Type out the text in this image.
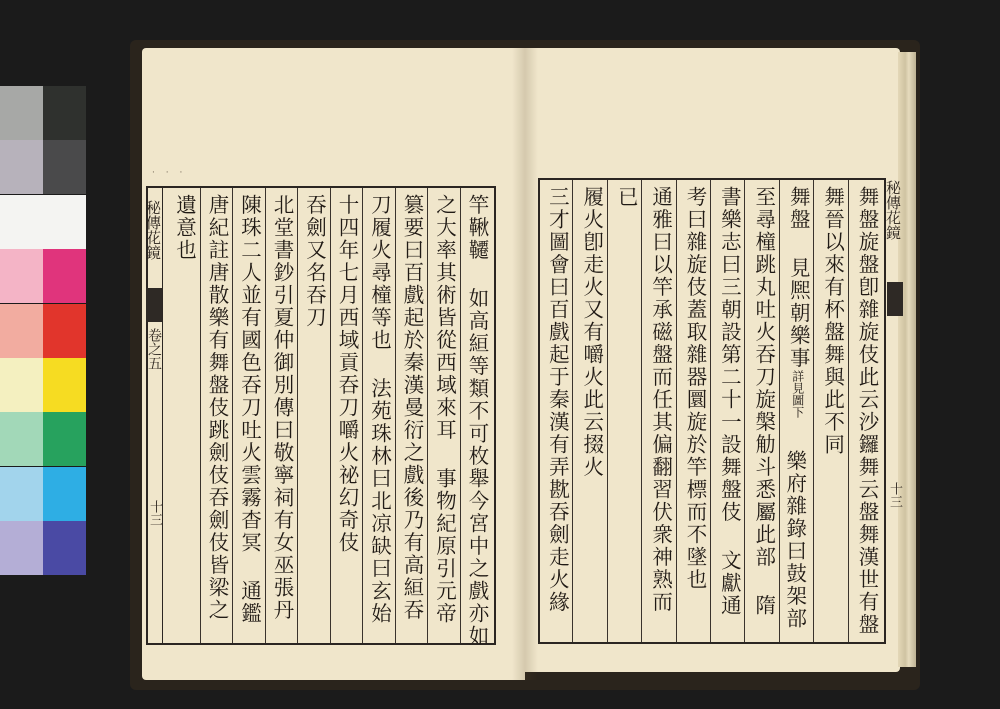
· · ·
竿鞦韆 如高絙等類不可枚舉今宮中之戲亦如
之大率其術皆從西域來耳 事物紀原引元帝
篡要曰百戲起於秦漢曼衍之戲後乃有高絙吞
刀履火尋橦等也 法苑珠林曰北凉缺曰玄始
十四年七月西域貢吞刀嚼火祕幻奇伎
吞劍又名吞刀
北堂書鈔引夏仲御別傳曰敬寧祠有女巫張丹
陳珠二人並有國色吞刀吐火雲霧杳冥 通鑑
唐紀註唐散樂有舞盤伎跳劍伎吞劍伎皆梁之
遺意也
秘傳花鏡
卷之五
十三	舞盤旋盤卽雜旋伎此云沙鑼舞云盤舞漢世有盤
舞晉以來有杯盤舞與此不同
舞盤 見熈朝樂事
至尋橦跳丸吐火吞刀旋槃觔斗悉屬此部 隋
書樂志曰三朝設第二十一設舞盤伎 文獻通
考曰雜旋伎蓋取雜器圜旋於竿標而不墜也
通雅曰以竿承磁盤而任其偏翻習伏衆神熟而
已
履火卽走火又有嚼火此云掇火
三才圖會曰百戲起于秦漢有弄㽎吞劍走火緣	詳見圖下
樂府雜錄曰鼓架部
秘傳花鏡
十三
